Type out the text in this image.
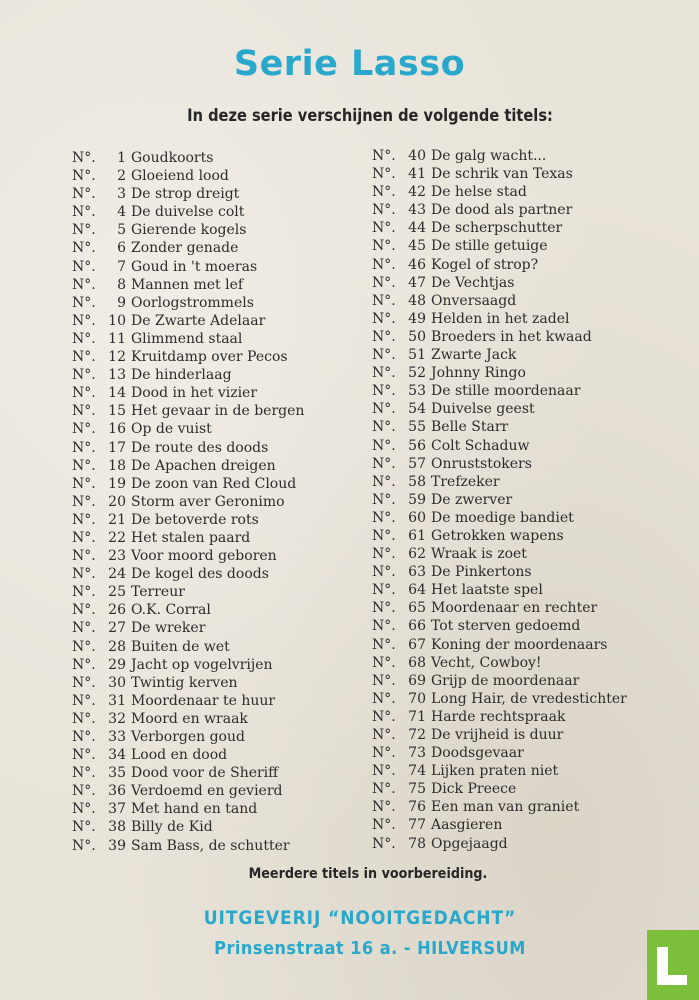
Serie Lasso
In deze serie verschijnen de volgende titels:
N°.	1 Goudkoorts
N°.	2 Gloeiend lood
N°.	3 De strop dreigt
N°.	4 De duivelse colt
N°.	5 Gierende kogels
N°.	6 Zonder genade
N°.	7 Goud in 't moeras
N°.	8 Mannen met lef
N°.	9 Oorlogstrommels
N°. 10 De Zwarte Adelaar
N°. 11 Glimmend staal
N°. 12 Kruitdamp over Pecos
N°. 13 De hinderlaag
N°. 14 Dood in het vizier
N°. 15 Het gevaar in de bergen
N°. 16 Op de vuist
N°. 17 De route des doods
N°. 18 De Apachen dreigen
N°. 19 De zoon van Red Cloud
N°. 20 Storm aver Geronimo
N°. 21 De betoverde rots
N°. 22 Het stalen paard
N°. 23 Voor moord geboren
N°. 24 De kogel des doods
N°. 25 Terreur
N°. 26 O.K. Corral
N°. 27 De wreker
N°. 28 Buiten de wet
N°. 29 Jacht op vogelvrijen
N°. 30 Twintig kerven
N°. 31 Moordenaar te huur
N°. 32 Moord en wraak
N°. 33 Verborgen goud
N°. 34 Lood en dood
N°. 35 Dood voor de Sheriff
N°. 36 Verdoemd en gevierd
N°. 37 Met hand en tand
N°. 38 Billy de Kid
N°. 39 Sam Bass, de schutter
N°. 40 De galg wacht...
N°. 41 De schrik van Texas
N°. 42 De helse stad
N°. 43 De dood als partner
N°. 44 De scherpschutter
N°. 45 De stille getuige
N°. 46 Kogel of strop?
N°. 47 De Vechtjas
N°. 48 Onversaagd
N°. 49 Helden in het zadel
N°. 50 Broeders in het kwaad
N°. 51 Zwarte Jack
N°. 52 Johnny Ringo
N°. 53 De stille moordenaar
N°. 54 Duivelse geest
N°. 55 Belle Starr
N°. 56 Colt Schaduw
N°. 57 Onruststokers
N°. 58 Trefzeker
N°. 59 De zwerver
N°. 60 De moedige bandiet
N°. 61 Getrokken wapens
N°. 62 Wraak is zoet
N°. 63 De Pinkertons
N°. 64 Het laatste spel
N°. 65 Moordenaar en rechter
N°. 66 Tot sterven gedoemd
N°. 67 Koning der moordenaars
N°. 68 Vecht, Cowboy!
N°. 69 Grijp de moordenaar
N°. 70 Long Hair, de vredestichter
N°. 71 Harde rechtspraak
N°. 72 De vrijheid is duur
N°. 73 Doodsgevaar
N°. 74 Lijken praten niet
N°. 75 Dick Preece
N°. 76 Een man van graniet
N°. 77 Aasgieren
N°. 78 Opgejaagd
Meerdere titels in voorbereiding.
UITGEVERIJ “NOOITGEDACHT”
Prinsenstraat 16 a. - HILVERSUM
